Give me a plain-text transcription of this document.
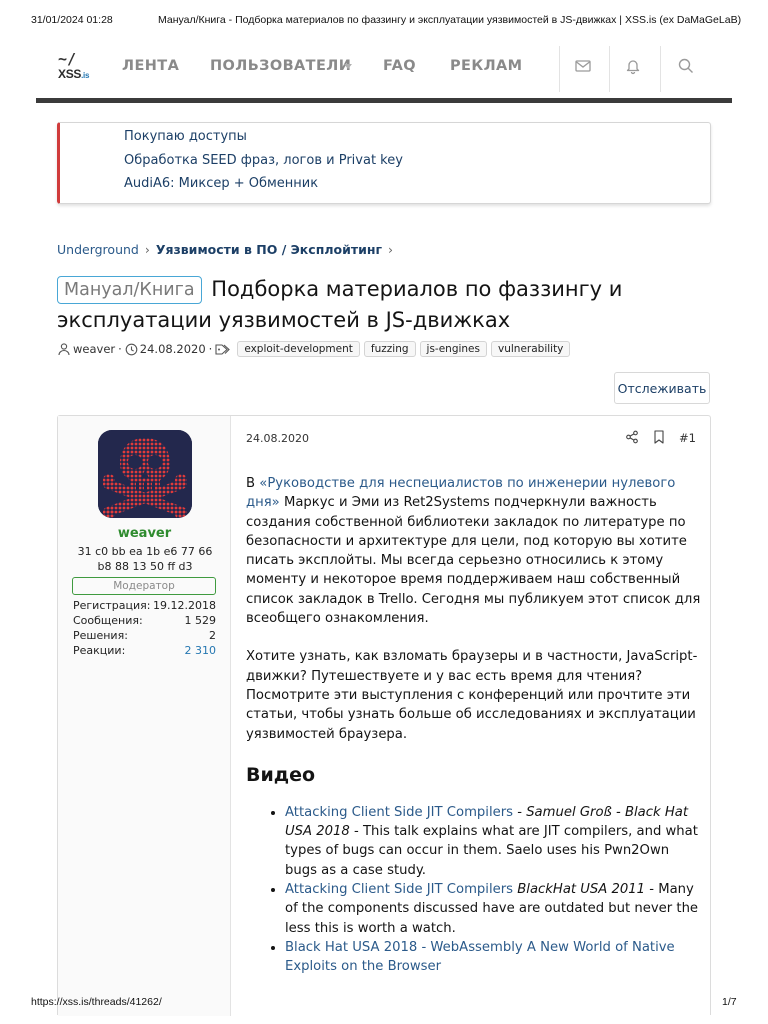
31/01/2024 01:28	Мануал/Книга - Подборка материалов по фаззингу и эксплуатации уязвимостей в JS-движках | XSS.is (ex DaMaGeLaB)
~/
XSS.is
ЛЕНТА ПОЛЬЗОВАТЕЛИ FAQ РЕКЛАМ
Покупаю доступы
Обработка SEED фраз, логов и Privat key
AudiA6: Миксер + Обменник
Underground › Уязвимости в ПО / Эксплойтинг ›
Мануал/Книга Подборка материалов по фаззингу и эксплуатации уязвимостей в JS-движках
weaver · 24.08.2020 ·	exploit-development	fuzzing	js-engines	vulnerability
Отслеживать
weaver
31 c0 bb ea 1b e6 77 66 b8 88 13 50 ff d3
Модератор
Регистрация: 19.12.2018
Сообщения:	1 529
Решения:	2
Реакции:	2 310
24.08.2020	#1

В «Руководстве для неспециалистов по инженерии нулевого дня» Маркус и Эми из Ret2Systems подчеркнули важность создания собственной библиотеки закладок по литературе по безопасности и архитектуре для цели, под которую вы хотите писать эксплойты. Мы всегда серьезно относились к этому моменту и некоторое время поддерживаем наш собственный список закладок в Trello. Сегодня мы публикуем этот список для всеобщего ознакомления.

Хотите узнать, как взломать браузеры и в частности, JavaScript-движки? Путешествуете и у вас есть время для чтения? Посмотрите эти выступления с конференций или прочтите эти статьи, чтобы узнать больше об исследованиях и эксплуатации уязвимостей браузера.

Видео
• Attacking Client Side JIT Compilers - Samuel Groß - Black Hat USA 2018 - This talk explains what are JIT compilers, and what types of bugs can occur in them. Saelo uses his Pwn2Own bugs as a case study.
• Attacking Client Side JIT Compilers BlackHat USA 2011 - Many of the components discussed have are outdated but never the less this is worth a watch.
• Black Hat USA 2018 - WebAssembly A New World of Native Exploits on the Browser
https://xss.is/threads/41262/	1/7
